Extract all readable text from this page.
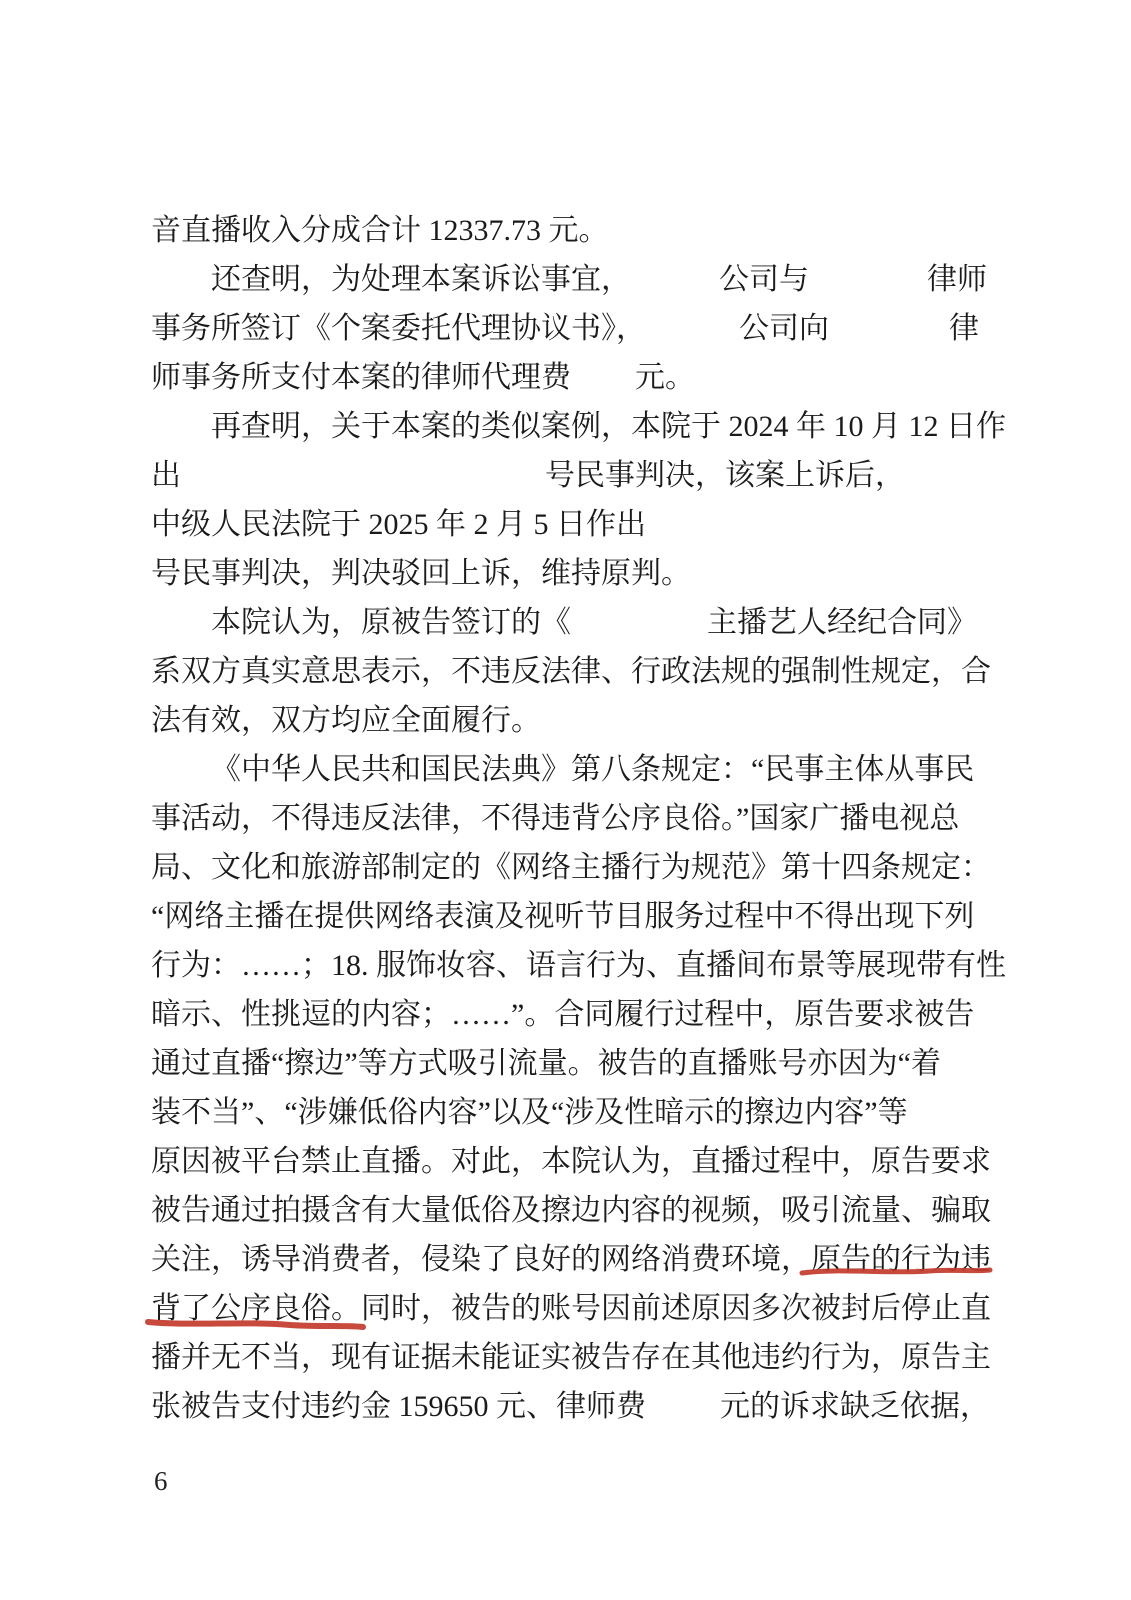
音直播收入分成合计 12337.73 元。
还查明，为处理本案诉讼事宜，	公司与	律师
事务所签订《个案委托代理协议书》，	公司向	律
师事务所支付本案的律师代理费 元。
再查明，关于本案的类似案例，本院于 2024 年 10 月 12 日作
出	号民事判决，该案上诉后，
中级人民法院于 2025 年 2 月 5 日作出
号民事判决，判决驳回上诉，维持原判。
本院认为，原被告签订的《	主播艺人经纪合同》
系双方真实意思表示，不违反法律、行政法规的强制性规定，合
法有效，双方均应全面履行。
《中华人民共和国民法典》第八条规定：“民事主体从事民
事活动，不得违反法律，不得违背公序良俗。”国家广播电视总
局、文化和旅游部制定的《网络主播行为规范》第十四条规定：
“网络主播在提供网络表演及视听节目服务过程中不得出现下列
行为：……；18. 服饰妆容、语言行为、直播间布景等展现带有性
暗示、性挑逗的内容；……”。合同履行过程中，原告要求被告
通过直播“擦边”等方式吸引流量。被告的直播账号亦因为“着
装不当”、“涉嫌低俗内容”以及“涉及性暗示的擦边内容”等
原因被平台禁止直播。对此，本院认为，直播过程中，原告要求
被告通过拍摄含有大量低俗及擦边内容的视频，吸引流量、骗取
关注，诱导消费者，侵染了良好的网络消费环境，原告的行为违
背了公序良俗。同时，被告的账号因前述原因多次被封后停止直
播并无不当，现有证据未能证实被告存在其他违约行为，原告主
张被告支付违约金 159650 元、律师费 元的诉求缺乏依据，
6
